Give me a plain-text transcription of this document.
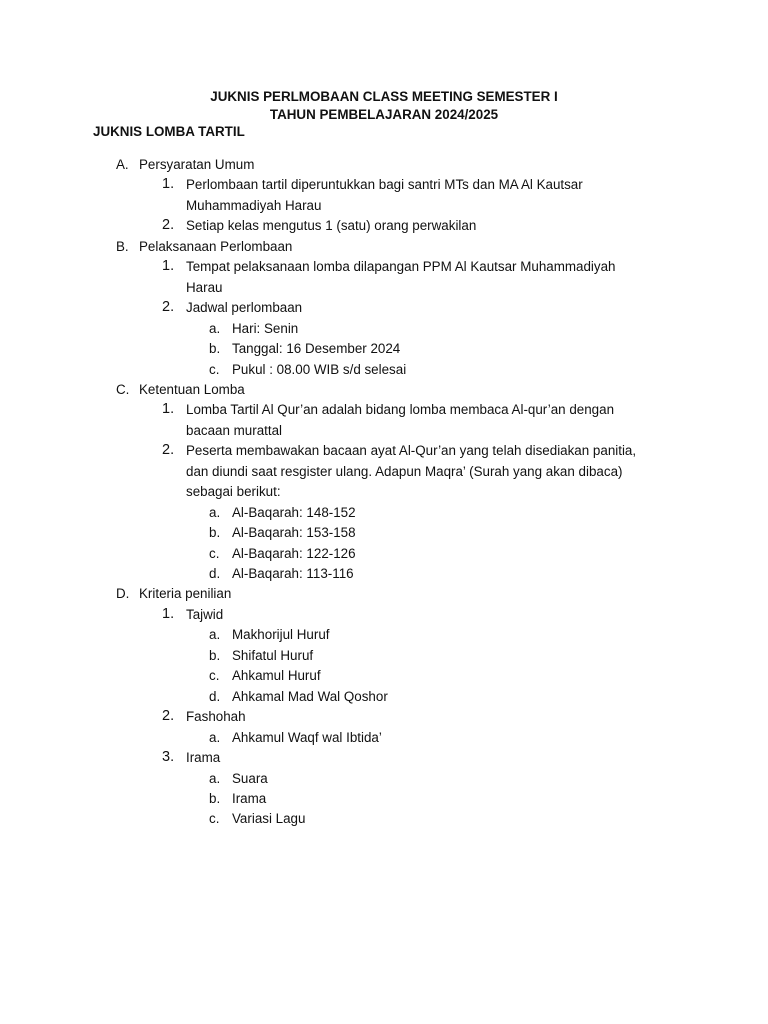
JUKNIS PERLMOBAAN CLASS MEETING SEMESTER I
TAHUN PEMBELAJARAN 2024/2025
JUKNIS LOMBA TARTIL
A. Persyaratan Umum
1. Perlombaan tartil diperuntukkan bagi santri MTs dan MA Al Kautsar
Muhammadiyah Harau
2. Setiap kelas mengutus 1 (satu) orang perwakilan
B. Pelaksanaan Perlombaan
1. Tempat pelaksanaan lomba dilapangan PPM Al Kautsar Muhammadiyah
Harau
2. Jadwal perlombaan
a. Hari: Senin
b. Tanggal: 16 Desember 2024
c. Pukul : 08.00 WIB s/d selesai
C. Ketentuan Lomba
1. Lomba Tartil Al Qur’an adalah bidang lomba membaca Al-qur’an dengan
bacaan murattal
2. Peserta membawakan bacaan ayat Al-Qur’an yang telah disediakan panitia,
dan diundi saat resgister ulang. Adapun Maqra’ (Surah yang akan dibaca)
sebagai berikut:
a. Al-Baqarah: 148-152
b. Al-Baqarah: 153-158
c. Al-Baqarah: 122-126
d. Al-Baqarah: 113-116
D. Kriteria penilian
1. Tajwid
a. Makhorijul Huruf
b. Shifatul Huruf
c. Ahkamul Huruf
d. Ahkamal Mad Wal Qoshor
2. Fashohah
a. Ahkamul Waqf wal Ibtida’
3. Irama
a. Suara
b. Irama
c. Variasi Lagu
